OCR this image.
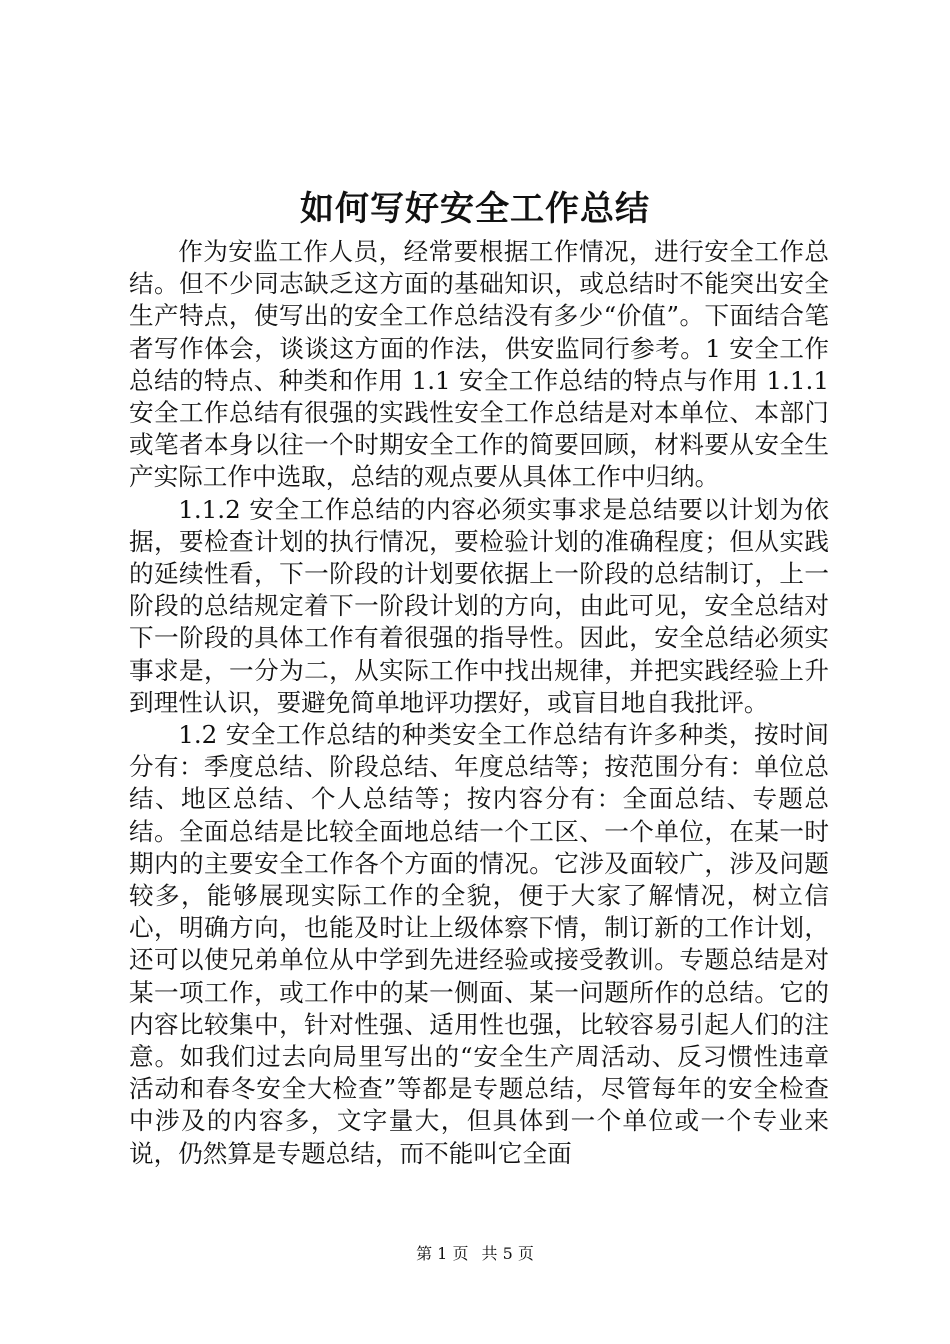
如何写好安全工作总结

作为安监工作人员，经常要根据工作情况，进行安全工作总结。但不少同志缺乏这方面的基础知识，或总结时不能突出安全生产特点，使写出的安全工作总结没有多少“价值”。下面结合笔者写作体会，谈谈这方面的作法，供安监同行参考。1 安全工作总结的特点、种类和作用 1.1 安全工作总结的特点与作用 1.1.1 安全工作总结有很强的实践性安全工作总结是对本单位、本部门或笔者本身以往一个时期安全工作的简要回顾，材料要从安全生产实际工作中选取，总结的观点要从具体工作中归纳。

1.1.2 安全工作总结的内容必须实事求是总结要以计划为依据，要检查计划的执行情况，要检验计划的准确程度；但从实践的延续性看，下一阶段的计划要依据上一阶段的总结制订，上一阶段的总结规定着下一阶段计划的方向，由此可见，安全总结对下一阶段的具体工作有着很强的指导性。因此，安全总结必须实事求是，一分为二，从实际工作中找出规律，并把实践经验上升到理性认识，要避免简单地评功摆好，或盲目地自我批评。

1.2 安全工作总结的种类安全工作总结有许多种类，按时间分有：季度总结、阶段总结、年度总结等；按范围分有：单位总结、地区总结、个人总结等；按内容分有：全面总结、专题总结。全面总结是比较全面地总结一个工区、一个单位，在某一时期内的主要安全工作各个方面的情况。它涉及面较广，涉及问题较多，能够展现实际工作的全貌，便于大家了解情况，树立信心，明确方向，也能及时让上级体察下情，制订新的工作计划，还可以使兄弟单位从中学到先进经验或接受教训。专题总结是对某一项工作，或工作中的某一侧面、某一问题所作的总结。它的内容比较集中，针对性强、适用性也强，比较容易引起人们的注意。如我们过去向局里写出的“安全生产周活动、反习惯性违章活动和春冬安全大检查”等都是专题总结，尽管每年的安全检查中涉及的内容多，文字量大，但具体到一个单位或一个专业来说，仍然算是专题总结，而不能叫它全面

第 1 页 共 5 页
